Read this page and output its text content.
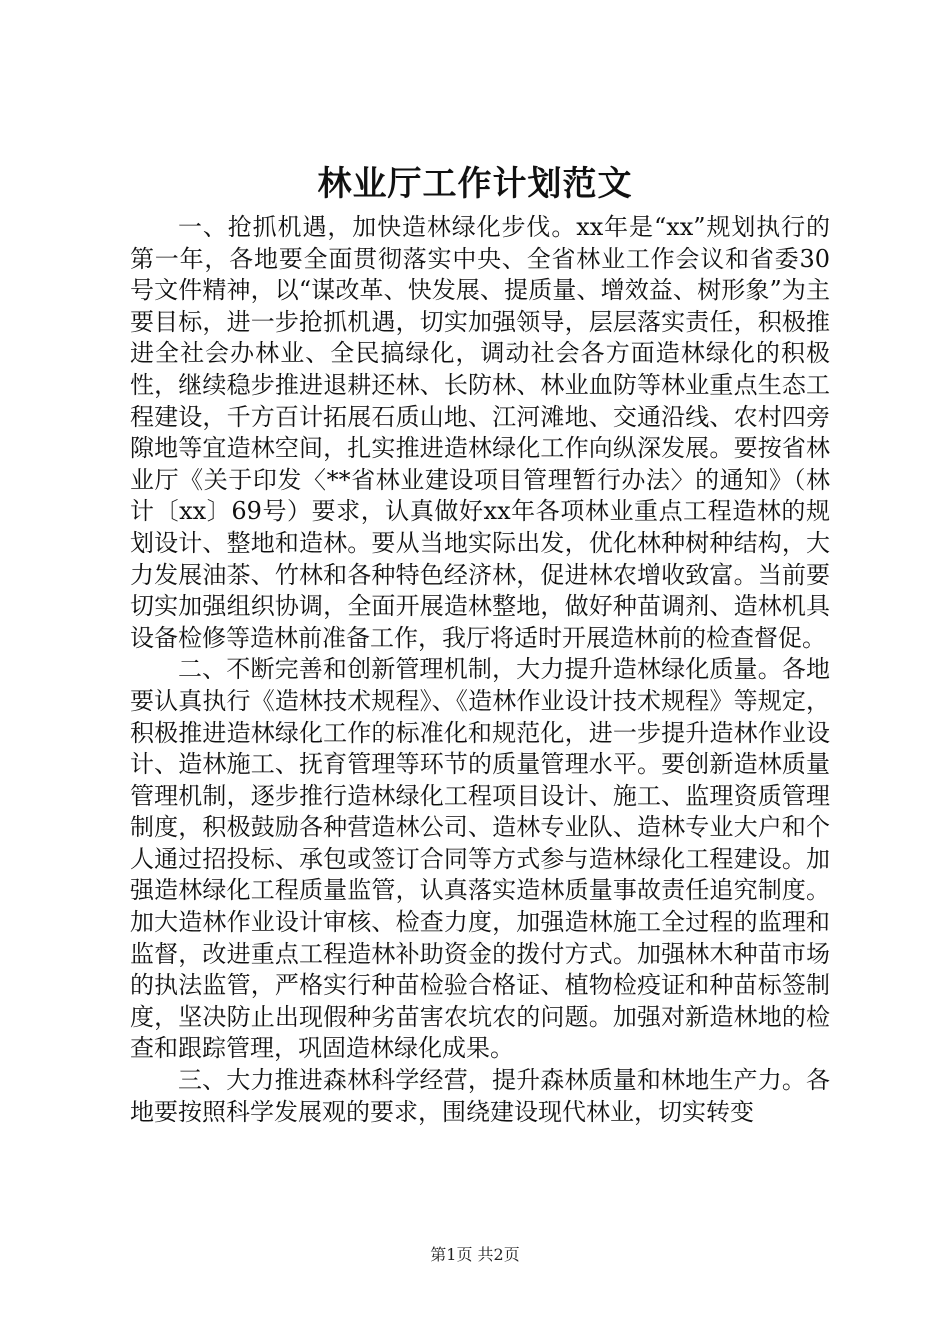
林业厅工作计划范文

一、抢抓机遇，加快造林绿化步伐。xx年是“xx”规划执行的第一年，各地要全面贯彻落实中央、全省林业工作会议和省委30号文件精神，以“谋改革、快发展、提质量、增效益、树形象”为主要目标，进一步抢抓机遇，切实加强领导，层层落实责任，积极推进全社会办林业、全民搞绿化，调动社会各方面造林绿化的积极性，继续稳步推进退耕还林、长防林、林业血防等林业重点生态工程建设，千方百计拓展石质山地、江河滩地、交通沿线、农村四旁隙地等宜造林空间，扎实推进造林绿化工作向纵深发展。要按省林业厅《关于印发〈**省林业建设项目管理暂行办法〉的通知》（林计〔xx〕69号）要求，认真做好xx年各项林业重点工程造林的规划设计、整地和造林。要从当地实际出发，优化林种树种结构，大力发展油茶、竹林和各种特色经济林，促进林农增收致富。当前要切实加强组织协调，全面开展造林整地，做好种苗调剂、造林机具设备检修等造林前准备工作，我厅将适时开展造林前的检查督促。

二、不断完善和创新管理机制，大力提升造林绿化质量。各地要认真执行《造林技术规程》、《造林作业设计技术规程》等规定，积极推进造林绿化工作的标准化和规范化，进一步提升造林作业设计、造林施工、抚育管理等环节的质量管理水平。要创新造林质量管理机制，逐步推行造林绿化工程项目设计、施工、监理资质管理制度，积极鼓励各种营造林公司、造林专业队、造林专业大户和个人通过招投标、承包或签订合同等方式参与造林绿化工程建设。加强造林绿化工程质量监管，认真落实造林质量事故责任追究制度。加大造林作业设计审核、检查力度，加强造林施工全过程的监理和监督，改进重点工程造林补助资金的拨付方式。加强林木种苗市场的执法监管，严格实行种苗检验合格证、植物检疫证和种苗标签制度，坚决防止出现假种劣苗害农坑农的问题。加强对新造林地的检查和跟踪管理，巩固造林绿化成果。

三、大力推进森林科学经营，提升森林质量和林地生产力。各地要按照科学发展观的要求，围绕建设现代林业，切实转变

第1页 共2页
